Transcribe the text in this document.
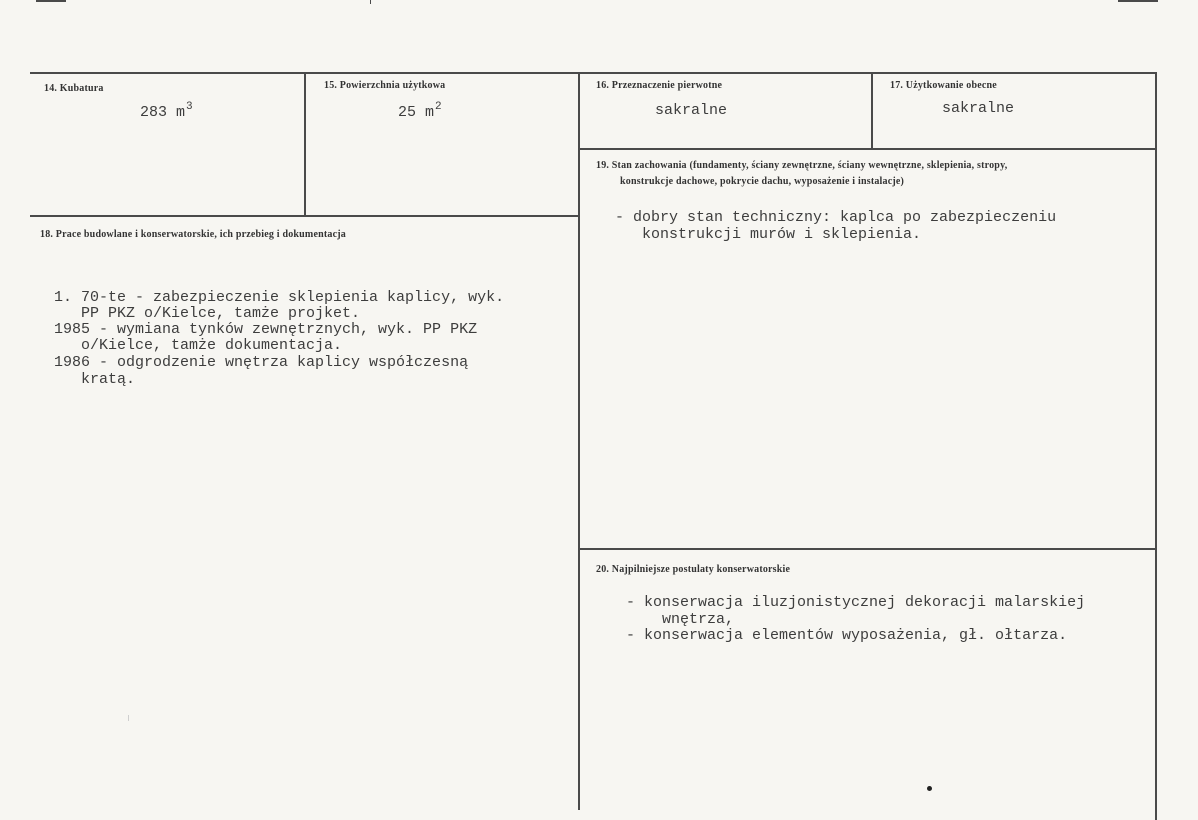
14. Kubatura
283 $m^3$
15. Powierzchnia użytkowa
25 $m^2$
16. Przeznaczenie pierwotne
sakralne
17. Użytkowanie obecne
sakralne
18. Prace budowlane i konserwatorskie, ich przebieg i dokumentacja
1. 70-te - zabezpieczenie sklepienia kaplicy, wyk.
PP PKZ o/Kielce, tamże projket.
1985 - wymiana tynków zewnętrznych, wyk. PP PKZ
o/Kielce, tamże dokumentacja.
1986 - odgrodzenie wnętrza kaplicy współczesną
kratą.
19. Stan zachowania (fundamenty, ściany zewnętrzne, ściany wewnętrzne, sklepienia, stropy,
konstrukcje dachowe, pokrycie dachu, wyposażenie i instalacje)
- dobry stan techniczny: kaplca po zabezpieczeniu
konstrukcji murów i sklepienia.
20. Najpilniejsze postulaty konserwatorskie
- konserwacja iluzjonistycznej dekoracji malarskiej
wnętrza,
- konserwacja elementów wyposażenia, gł. ołtarza.
